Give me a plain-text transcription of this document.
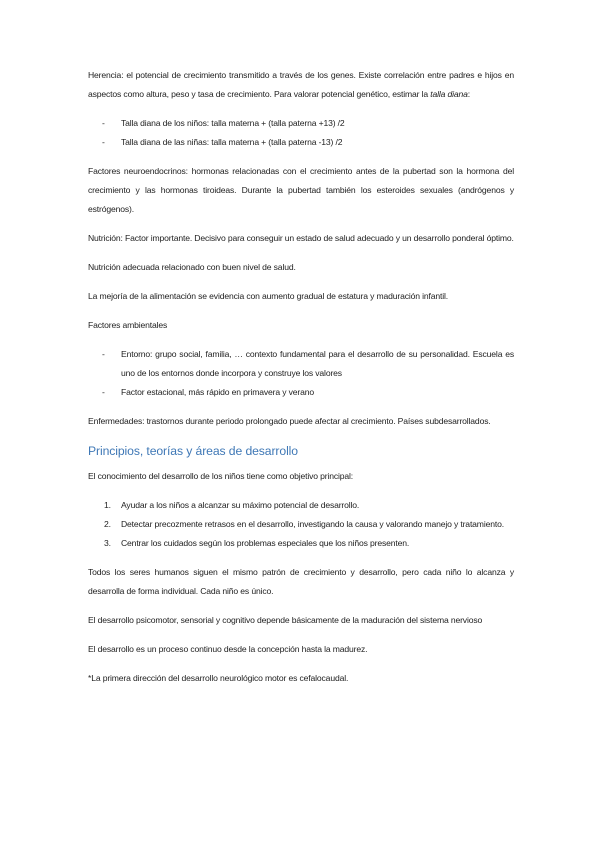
Herencia: el potencial de crecimiento transmitido a través de los genes. Existe correlación entre padres e hijos en aspectos como altura, peso y tasa de crecimiento. Para valorar potencial genético, estimar la talla diana:

- Talla diana de los niños: talla materna + (talla paterna +13) /2
- Talla diana de las niñas: talla materna + (talla paterna -13) /2

Factores neuroendocrinos: hormonas relacionadas con el crecimiento antes de la pubertad son la hormona del crecimiento y las hormonas tiroideas. Durante la pubertad también los esteroides sexuales (andrógenos y estrógenos).

Nutrición: Factor importante. Decisivo para conseguir un estado de salud adecuado y un desarrollo ponderal óptimo.

Nutrición adecuada relacionado con buen nivel de salud.

La mejoría de la alimentación se evidencia con aumento gradual de estatura y maduración infantil.

Factores ambientales

- Entorno: grupo social, familia, … contexto fundamental para el desarrollo de su personalidad. Escuela es uno de los entornos donde incorpora y construye los valores
- Factor estacional, más rápido en primavera y verano

Enfermedades: trastornos durante periodo prolongado puede afectar al crecimiento. Países subdesarrollados.

Principios, teorías y áreas de desarrollo

El conocimiento del desarrollo de los niños tiene como objetivo principal:

1. Ayudar a los niños a alcanzar su máximo potencial de desarrollo.
2. Detectar precozmente retrasos en el desarrollo, investigando la causa y valorando manejo y tratamiento.
3. Centrar los cuidados según los problemas especiales que los niños presenten.

Todos los seres humanos siguen el mismo patrón de crecimiento y desarrollo, pero cada niño lo alcanza y desarrolla de forma individual. Cada niño es único.

El desarrollo psicomotor, sensorial y cognitivo depende básicamente de la maduración del sistema nervioso

El desarrollo es un proceso continuo desde la concepción hasta la madurez.

*La primera dirección del desarrollo neurológico motor es cefalocaudal.
